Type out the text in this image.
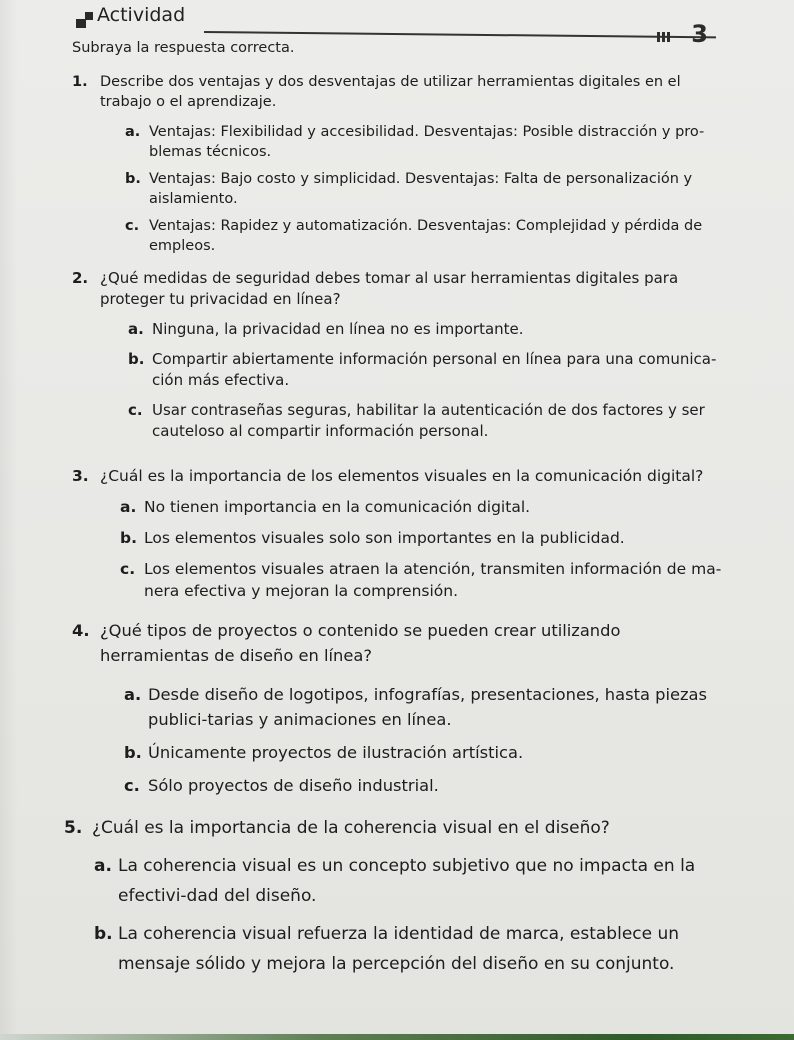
Actividad
3
Subraya la respuesta correcta.
1. Describe dos ventajas y dos desventajas de utilizar herramientas digitales en el trabajo o el aprendizaje.
a. Ventajas: Flexibilidad y accesibilidad. Desventajas: Posible distracción y pro-blemas técnicos.
b. Ventajas: Bajo costo y simplicidad. Desventajas: Falta de personalización y aislamiento.
c. Ventajas: Rapidez y automatización. Desventajas: Complejidad y pérdida de empleos.
2. ¿Qué medidas de seguridad debes tomar al usar herramientas digitales para proteger tu privacidad en línea?
a. Ninguna, la privacidad en línea no es importante.
b. Compartir abiertamente información personal en línea para una comunica-ción más efectiva.
c. Usar contraseñas seguras, habilitar la autenticación de dos factores y ser cauteloso al compartir información personal.
3. ¿Cuál es la importancia de los elementos visuales en la comunicación digital?
a. No tienen importancia en la comunicación digital.
b. Los elementos visuales solo son importantes en la publicidad.
c. Los elementos visuales atraen la atención, transmiten información de ma-nera efectiva y mejoran la comprensión.
4. ¿Qué tipos de proyectos o contenido se pueden crear utilizando herramientas de diseño en línea?
a. Desde diseño de logotipos, infografías, presentaciones, hasta piezas publici-tarias y animaciones en línea.
b. Únicamente proyectos de ilustración artística.
c. Sólo proyectos de diseño industrial.
5. ¿Cuál es la importancia de la coherencia visual en el diseño?
a. La coherencia visual es un concepto subjetivo que no impacta en la efectivi-dad del diseño.
b. La coherencia visual refuerza la identidad de marca, establece un mensaje sólido y mejora la percepción del diseño en su conjunto.
